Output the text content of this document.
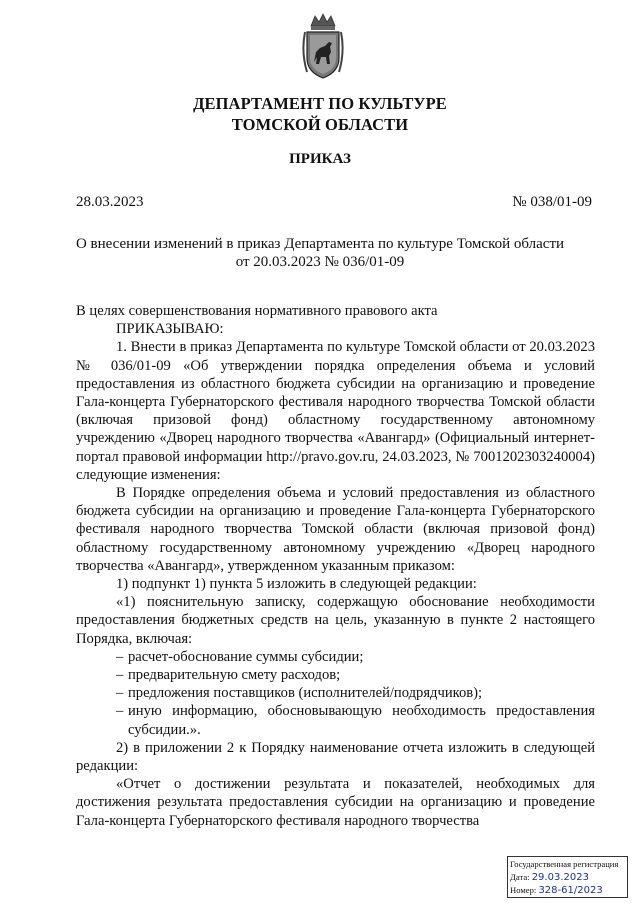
ДЕПАРТАМЕНТ ПО КУЛЬТУРЕ
ТОМСКОЙ ОБЛАСТИ
ПРИКАЗ
28.03.2023	№ 038/01-09
О внесении изменений в приказ Департамента по культуре Томской области
от 20.03.2023 № 036/01-09

В целях совершенствования нормативного правового акта

ПРИКАЗЫВАЮ:

1. Внести в приказ Департамента по культуре Томской области от 20.03.2023 № 036/01-09 «Об утверждении порядка определения объема и условий предоставления из областного бюджета субсидии на организацию и проведение Гала-концерта Губернаторского фестиваля народного творчества Томской области (включая призовой фонд) областному государственному автономному учреждению «Дворец народного творчества «Авангард» (Официальный интернет-портал правовой информации http://pravo.gov.ru, 24.03.2023, № 7001202303240004) следующие изменения:

В Порядке определения объема и условий предоставления из областного бюджета субсидии на организацию и проведение Гала-концерта Губернаторского фестиваля народного творчества Томской области (включая призовой фонд) областному государственному автономному учреждению «Дворец народного творчества «Авангард», утвержденном указанным приказом:

1) подпункт 1) пункта 5 изложить в следующей редакции:

«1) пояснительную записку, содержащую обоснование необходимости предоставления бюджетных средств на цель, указанную в пункте 2 настоящего Порядка, включая:

– расчет-обоснование суммы субсидии;

– предварительную смету расходов;

– предложения поставщиков (исполнителей/подрядчиков);

– иную информацию, обосновывающую необходимость предоставления субсидии.».

2) в приложении 2 к Порядку наименование отчета изложить в следующей редакции:

«Отчет о достижении результата и показателей, необходимых для достижения результата предоставления субсидии на организацию и проведение Гала-концерта Губернаторского фестиваля народного творчества

Государственная регистрация
Дата: 29.03.2023
Номер: 328-61/2023
